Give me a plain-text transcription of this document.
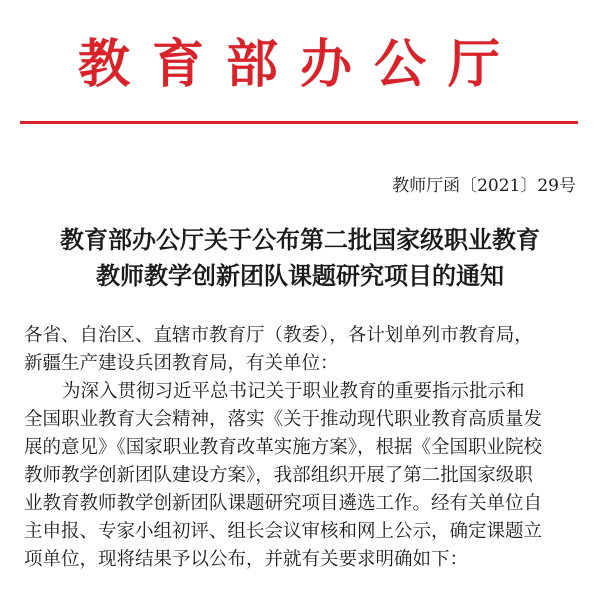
教育部办公厅
教师厅函〔2021〕29号
教育部办公厅关于公布第二批国家级职业教育
教师教学创新团队课题研究项目的通知

各省、自治区、直辖市教育厅（教委），各计划单列市教育局，

新疆生产建设兵团教育局，有关单位：

为深入贯彻习近平总书记关于职业教育的重要指示批示和

全国职业教育大会精神，落实《关于推动现代职业教育高质量发

展的意见》《国家职业教育改革实施方案》，根据《全国职业院校

教师教学创新团队建设方案》，我部组织开展了第二批国家级职

业教育教师教学创新团队课题研究项目遴选工作。经有关单位自

主申报、专家小组初评、组长会议审核和网上公示，确定课题立

项单位，现将结果予以公布，并就有关要求明确如下：
